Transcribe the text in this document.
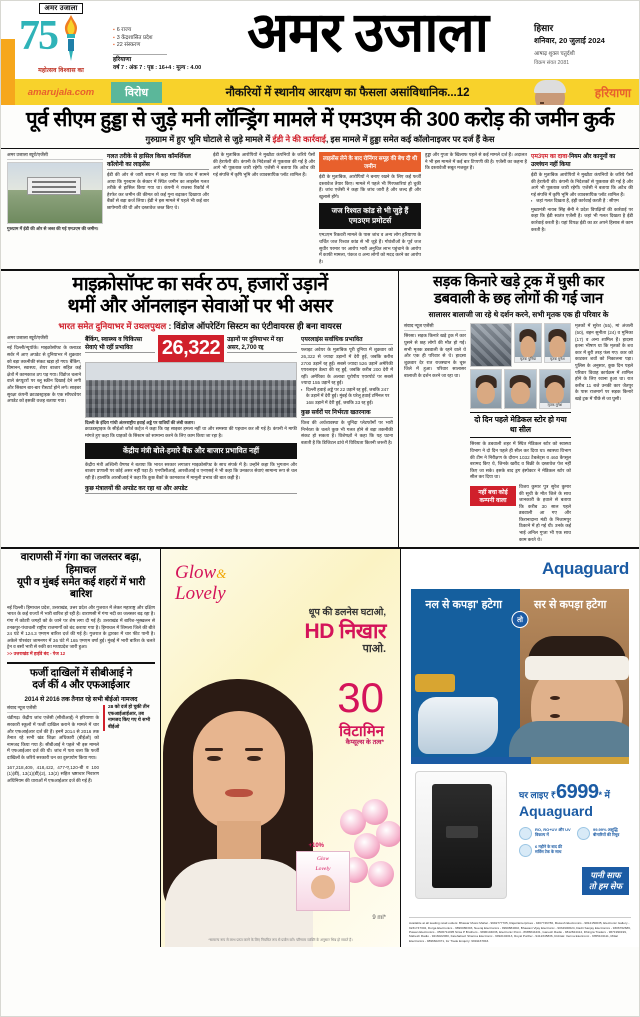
अमर उजाला
75
महोत्सव विश्वास का
▪ 6 राज्य
▪ 3 केंद्रशासित प्रदेश
▪ 22 संस्करण
हरियाणा
वर्ष 7 : अंक 7 : पृष्ठ : 16+4 : मूल्य : 4.00
अमर उजाला	हिसार
शनिवार, 20 जुलाई 2024
आषाढ़ शुक्ल चतुर्दशी
विक्रम संवत 2081
amarujala.com	विरोध	नौकरियों में स्थानीय आरक्षण का फैसला असांविधानिक...12	हरियाणा
पूर्व सीएम हुड्डा से जुड़े मनी लॉन्ड्रिंग मामले में एम3एम की 300 करोड़ की जमीन कुर्क
गुरुग्राम में हुए भूमि घोटाले से जुड़े मामले में ईडी ने की कार्रवाई, इस मामले में हुड्डा समेत कई कॉलोनाइजर पर दर्ज हैं केस
अमर उजाला ब्यूरो/एजेंसी
गुरुग्राम में ईडी की ओर से जब्त की गई एम3एम की जमीन।
गलत तरीके से हासिल किया कॉमर्शियल कॉलोनी का लाइसेंस
ईडी की ओर से जारी बयान में कहा गया कि जांच में सामने आया कि गुरुग्राम के सेक्टर में स्थित जमीन का लाइसेंस गलत तरीके से हासिल किया गया था। कंपनी ने राजस्व रिकॉर्ड में हेरफेर कर जमीन की कीमत को कई गुना बढ़ाकर दिखाया और बैंकों से बड़ा कर्ज लिया। ईडी ने इस मामले में पहले भी कई बार छापेमारी की थी और दस्तावेज जब्त किए थे।
ईडी के मुताबिक आरोपियों ने मुखौटा कंपनियों के जरिये पैसों की हेराफेरी की। कंपनी के निदेशकों से पूछताछ की गई है और आगे भी पूछताछ जारी रहेगी। एजेंसी ने बताया कि अटैच की गई संपत्ति में कृषि भूमि और व्यावसायिक प्लॉट शामिल हैं।
लाइसेंस लेने के बाद रोनिंगर समूह की बेच दी थी जमीन
ईडी के मुताबिक, आरोपियों ने बनाए रखने के लिए कई फर्जी दस्तावेज तैयार किए। मामले में पहले भी गिरफ्तारियां हो चुकी हैं। जांच एजेंसी ने कहा कि जांच जारी है और जल्द ही और खुलासे होंगे।
जज रिश्वत कांड से भी जुड़े हैं एम3एम प्रमोटर्स
एम3एम रिकवरी मामले के पास जांच व अन्य लोग हरियाणा के चर्चित जज रिश्वत कांड से भी जुड़े हैं। गोवंशीओं के पूर्व जज सुधीर परमार पर आरोप भारी अनुचित लाभ पहुंचाने के आरोप में काफी मामला, पंकज व अन्य लोगों को मदद करने का आरोप है।
हुड्डा और गुप्ता के खिलाफ पहले से कई मामले दर्ज हैं। अदालत ने भी इस मामले में कई बार टिप्पणी की है। एजेंसी का कहना है कि दस्तावेजी सबूत मजबूत हैं।
एम3एम का दावा-नियम और कानूनों का उल्लंघन नहीं किया
ईडी के मुताबिक आरोपियों ने मुखौटा कंपनियों के जरिये पैसों की हेराफेरी की। कंपनी के निदेशकों से पूछताछ की गई है और आगे भी पूछताछ जारी रहेगी। एजेंसी ने बताया कि अटैच की गई संपत्ति में कृषि भूमि और व्यावसायिक प्लॉट शामिल हैं।
▪ जहां गलत दिखता है, इंही कार्रवाई करती है : सीएम
मुख्यमंत्री नायब सिंह सैनी ने प्रदेश विपक्षियों की कार्रवाई पर कहा कि ईडी स्वतंत्र एजेंसी है। जहां भी गलत दिखता है ईडी कार्रवाई करती है। यहां विपक्ष ईडी का डर अपने हिसाब से काम करती है।
माइक्रोसॉफ्ट का सर्वर ठप, हजारों उड़ानें
थमीं और ऑनलाइन सेवाओं पर भी असर
भारत समेत दुनियाभर में उथलपुथल : विंडोज ऑपरेटिंग सिस्टम का एंटीवायरस ही बना वायरस
अमर उजाला ब्यूरो/एजेंसी
नई दिल्ली/न्यूयॉर्क। माइक्रोसॉफ्ट के क्लाउड सर्वर में आए अपडेट से दुनियाभर में शुक्रवार को बड़ा तकनीकी संकट खड़ा हो गया। बैंकिंग, विमानन, स्वास्थ्य, शेयर बाजार सहित कई क्षेत्रों में कामकाज ठप पड़ गया। विंडोज चलाने वाले कंप्यूटरों पर ब्लू स्क्रीन दिखाई देने लगी और सिस्टम बार-बार रीस्टार्ट होने लगे। साइबर सुरक्षा कंपनी क्राउडस्ट्राइक के एक सॉफ्टवेयर अपडेट को इसकी वजह बताया गया।
बैंकिंग, स्वास्थ्य व चिकित्सा सेवाएं भी रहीं प्रभावित	26,322	उड़ानों पर दुनियाभर में रहा असर, 2,700 रद्द
दिल्ली के इंदिरा गांधी अंतरराष्ट्रीय हवाई अड्डे पर यात्रियों की लंबी कतार।
क्राउडस्ट्राइक के सीईओ जॉर्ज कर्ट्ज ने कहा कि यह साइबर हमला नहीं था और समस्या की पहचान कर ली गई है। कंपनी ने माफी मांगते हुए कहा कि ग्राहकों के सिस्टम को सामान्य करने के लिए काम किया जा रहा है।
केंद्रीय मंत्री बोले-हमारे बैंक और बाजार प्रभावित नहीं
केंद्रीय मंत्री अश्विनी वैष्णव ने बताया कि भारत सरकार लगातार माइक्रोसॉफ्ट के साथ संपर्क में है। उन्होंने कहा कि भुगतान और बाजार प्रणाली पर कोई असर नहीं पड़ा है। एनपीसीआई, आरबीआई व एनएसई ने भी कहा कि उनकाज सेवाएं सामान्य रूप से चल रही हैं। हालांकि आरबीआई ने कहा कि कुछ बैंकों के कामकाज में मामूली प्रभाव की बात कही है।
कुछ मंत्रालयों की अपडेट कर रहा था और अपडेट
एयरलाइंस सर्वाधिक प्रभावित
फ्लाइट अवेयर के मुताबिक पूरी दुनिया में शुक्रवार को 26,322 से ज्यादा उड़ानों में देरी हुई, जबकि करीब 2700 उड़ानें रद्द हुईं। सबसे ज्यादा 526 उड़ानें अमेरिकी एयरलाइन डेल्टा की रद्द हुईं, जबकि करीब 200 देरी में रहीं। अमेरिका के अलावा यूरोपीय एयरपोर्ट पर सबसे ज्यादा 155 उड़ानें रद्द हुईं।
▪ दिल्ली हवाई अड्डे पर 22 उड़ानें रद्द हुईं, जबकि 247 के उड़ानें में देरी हुई। मुंबई के घरेलू हवाई टर्मिनल पर 168 उड़ानें में देरी हुई, जबकि 33 रद्द हुईं।
कुछ सर्वरों पर निर्भरता खतरनाक
विश्व की अर्थव्यवस्था के चुनिंदा प्लेटफॉर्मों पर भारी निर्भरता के चलते कुछ भी गलत होने से बड़ा तकनीकी संकट हो सकता है। विशेषज्ञों ने कहा कि यह घटना बताती है कि डिजिटल ढांचे में विविधता कितनी जरूरी है।
सड़क किनारे खड़े ट्रक में घुसी कार
डबवाली के छह लोगों की गई जान
सालासर बालाजी जा रहे थे दर्शन करने, सभी मृतक एक ही परिवार के
संवाद न्यूज एजेंसी
सिरसा। सड़क किनारे खड़े ट्रक में कार घुसने से छह लोगों की मौत हो गई। सभी मृतक डबवाली के रहने वाले थे और एक ही परिवार से थे। हादसा शुक्रवार देर रात राजस्थान के चूरू जिले में हुआ। परिवार सालासर बालाजी के दर्शन करने जा रहा था।
मृतक पुनिया	मृतक मुनेश
मृतक मुनेश
दो दिन पहले मेडिकल स्टोर हो गया था सील
सिरसा के डबवाली शहर में स्थित मेडिकल स्टोर को स्वास्थ्य विभाग ने दो दिन पहले ही सील कर दिया था। स्वास्थ्य विभाग की टीम ने निरीक्षण के दौरान 1032 टैबलेट्स व 460 कैप्सूल बरामद किए थे, जिनके खरीद व बिक्री के दस्तावेज पेश नहीं किए जा सके। इसके बाद ड्रग इंस्पेक्टर ने मेडिकल स्टोर को सील कर दिया था।
नहीं बचा कोई कम्पनी वाला
विजय कुमार पुत्र सुरेश कुमार की सूची के मौत जिले के साथ जानकारी के हवाले से बताया कि करीब 30 साल पहले डबवाली आ गए और किरानादाना मंडी के निजामपुर ठिकाने में हो गई थी। उनके कई भाई अनिल गुप्ता भी एक साथ काम करते थे।
मृतकों में सुरेश (55), मां अंजली (50), बहन सुनीता (24) व मुनिका (17) व अन्य शामिल हैं। हादसा इतना भीषण था कि मृतकों के शव कार में बुरी तरह फंस गए। कार को काटकर शवों को निकालना पड़ा। पुलिस के अनुसार, कुछ दिन पहले परिवार विवाह कार्यक्रम में शामिल होने के लिए रवाना हुआ था। रात करीब 11 बजे उनकी कार जैतपुर के पास राजमार्ग पर सड़क किनारे खड़े ट्रक में पीछे से जा घुसी।
वाराणसी में गंगा का जलस्तर बढ़ा, हिमाचल
यूपी व मुंबई समेत कई शहरों में भारी बारिश
नई दिल्ली। हिमाचल प्रदेश, उत्तराखंड, उत्तर प्रदेश और गुजरात में लेकर महाराष्ट्र और दक्षिण भारत के कई राज्यों में भारी बारिश हो रही है। वाराणसी में गंगा नदी का जलस्तर बढ़ रहा है। गंगा में कोटरी जगहों को के जाने पर शेष लगा दी गई है। उत्तराखंड में बारिश-भूस्खलन से टनकपुर-पंचाचली राष्ट्रीय राजमार्गों को बंद कराया गया है। हिमाचल में शिमला जिले की बीते 24 घंटे में 124.3 एमएम बारिश दर्ज की गई है। गुजरात के द्वारका में चार फीट पानी है। अकेले पोरबंदर जामनगर में 36 घंटे में 165 एमएम वर्षा हुई। मुंबई में भारी बारिश के चलते ट्रेन व बसों भारी से रुकी का मध्यप्रदेश जारी हुआ।
>> उत्तराखंड में हाईवे बंद - पेज 12
फर्जी दाखिलों में सीबीआई ने
दर्ज कीं 4 और एफआईआर
2014 से 2016 तक तैनात रहे सभी बीईओ नामजद
संवाद न्यूज एजेंसी
चंडीगढ़। केंद्रीय जांच एजेंसी (सीबीआई) ने हरियाणा के सरकारी स्कूलों में फर्जी दाखिल कराने के मामले में चार और एफआईआर दर्ज की हैं। इनमें 2014 से 2016 तक तैनात रहे सभी खंड शिक्षा अधिकारी (बीईओ) को नामजद किया गया है। सीबीआई ने पहले भी इस मामले में एफआईआर दर्ज की थी। जांच में पता चला कि फर्जी दाखिलों के जरिये सरकारी धन का दुरुपयोग किया गया।
167,218,409, 418,422, 477-ए,120-बी व 100 (1)(डी), 13(1)(डी)(2), 13(2) सहित भ्रष्टाचार निवारण अधिनियम की धाराओं में एफआईआर दर्ज की गई हैं।
28 को दर्ज हो चुकी तीन एफआईआईआर, तब नामजद किए गए थे सभी बीईओ
Glow&
Lovely
धूप की डलनेस घटाओ,
HD निखार
पाओ.
30
विटामिन
कैप्सूल्स के तत्व*
+10%
Glow
Lovely
9 ml*
*सामान्य रूप से लाभ प्राप्त करने के लिए नियमित रूप से प्रयोग करें। परिणाम व्यक्ति के अनुसार भिन्न हो सकते हैं।
Aquaguard
नल से कपड़ा' हटेगा
तो
सर से कपड़ा हटेगा
घर लाइए ₹6999* में
Aquaguard
RO, RO+UV और UV विकल्प में
99.99% अशुद्धि बीमारियों की रिमूव
6 महीने के बाद फ्री सर्विस टेक के साथ
पानी साफ
तो हम सेफ
Available at all leading retail outlets: Bhawar Music Mahal - 9992777705, Rajat Enterprises - 9467746786, Mukesh Electronics - 9812150035, Electronic Gallery - 9231747302, Durga Electronics - 9896086303, Neeraj Electronics - 9990884002, Bhawani Vijay Electronic - 9034900624, Dadri Sanjay Electronics - 9306762686, Pawan Electronics - 0506711095 Sirsa P Brothers - 9896104036, Electronic Point - 8685844431, Ganesh Radio - 9812824414, Dhingra Traders - 9671990199, Mahesh Radio - 9416022060, Fatehabad: Sharma Electronic - 9992102013, Royal Purifier - 9412345836, Rohtak: Verma Electronic - 9355104111, Mittal Electronics - 9896602371, for Trade Enquiry: 9991167843.
